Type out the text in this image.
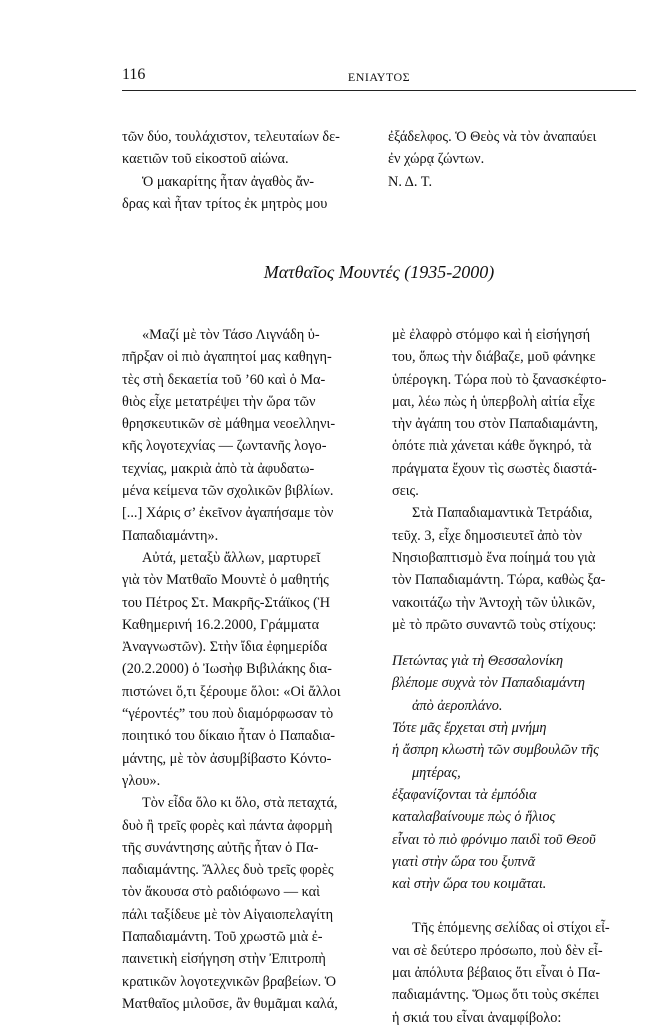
116	ΕΝΙΑΥΤΟΣ

τῶν δύο, τουλάχιστον, τελευταίων δε-

καετιῶν τοῦ εἰκοστοῦ αἰώνα.

Ὁ μακαρίτης ἦταν ἀγαθὸς ἄν-

δρας καὶ ἦταν τρίτος ἐκ μητρὸς μου

ἐξάδελφος. Ὁ Θεὸς νὰ τὸν ἀναπαύει

ἐν χώρᾳ ζώντων.

Ν. Δ. Τ.

Ματθαῖος Μουντές (1935-2000)

«Μαζί μὲ τὸν Τάσο Λιγνάδη ὑ-

πῆρξαν οἱ πιὸ ἀγαπητοί μας καθηγη-

τὲς στὴ δεκαετία τοῦ ’60 καὶ ὁ Μα-

θιὸς εἶχε μετατρέψει τὴν ὥρα τῶν

θρησκευτικῶν σὲ μάθημα νεοελληνι-

κῆς λογοτεχνίας — ζωντανῆς λογο-

τεχνίας, μακριὰ ἀπὸ τὰ ἀφυδατω-

μένα κείμενα τῶν σχολικῶν βιβλίων.

[...] Χάρις σ’ ἐκεῖνον ἀγαπήσαμε τὸν

Παπαδιαμάντη».

Αὐτά, μεταξὺ ἄλλων, μαρτυρεῖ

γιὰ τὸν Ματθαῖο Μουντὲ ὁ μαθητής

του Πέτρος Στ. Μακρῆς-Στάϊκος (Ἡ

Καθημερινή 16.2.2000, Γράμματα

Ἀναγνωστῶν). Στὴν ἴδια ἐφημερίδα

(20.2.2000) ὁ Ἰωσὴφ Βιβιλάκης δια-

πιστώνει ὅ,τι ξέρουμε ὅλοι: «Οἱ ἄλλοι

“γέροντές” του ποὺ διαμόρφωσαν τὸ

ποιητικό του δίκαιο ἦταν ὁ Παπαδια-

μάντης, μὲ τὸν ἀσυμβίβαστο Κόντο-

γλου».

Τὸν εἶδα ὅλο κι ὅλο, στὰ πεταχτά,

δυὸ ἢ τρεῖς φορὲς καὶ πάντα ἀφορμὴ

τῆς συνάντησης αὐτῆς ἦταν ὁ Πα-

παδιαμάντης. Ἄλλες δυὸ τρεῖς φορὲς

τὸν ἄκουσα στὸ ραδιόφωνο — καὶ

πάλι ταξίδευε μὲ τὸν Αἰγαιοπελαγίτη

Παπαδιαμάντη. Τοῦ χρωστῶ μιὰ ἐ-

παινετικὴ εἰσήγηση στὴν Ἐπιτροπὴ

κρατικῶν λογοτεχνικῶν βραβείων. Ὁ

Ματθαῖος μιλοῦσε, ἂν θυμᾶμαι καλά,

μὲ ἐλαφρὸ στόμφο καὶ ἡ εἰσήγησή

του, ὅπως τὴν διάβαζε, μοῦ φάνηκε

ὑπέρογκη. Τώρα ποὺ τὸ ξανασκέφτο-

μαι, λέω πὼς ἡ ὑπερβολὴ αἰτία εἶχε

τὴν ἀγάπη του στὸν Παπαδιαμάντη,

ὁπότε πιὰ χάνεται κάθε ὄγκηρό, τὰ

πράγματα ἔχουν τὶς σωστὲς διαστά-

σεις.

Στὰ Παπαδιαμαντικὰ Τετράδια,

τεῦχ. 3, εἶχε δημοσιευτεῖ ἀπὸ τὸν

Νησιοβαπτισμὸ ἕνα ποίημά του γιὰ

τὸν Παπαδιαμάντη. Τώρα, καθὼς ξα-

νακοιτάζω τὴν Ἀντοχὴ τῶν ὑλικῶν,

μὲ τὸ πρῶτο συναντῶ τοὺς στίχους:

Πετώντας γιὰ τὴ Θεσσαλονίκη
βλέπομε συχνὰ τὸν Παπαδιαμάντη
ἀπὸ ἀεροπλάνο.
Τότε μᾶς ἔρχεται στὴ μνήμη
ἡ ἄσπρη κλωστὴ τῶν συμβουλῶν τῆς
μητέρας,
ἐξαφανίζονται τὰ ἐμπόδια
καταλαβαίνουμε πὼς ὁ ἥλιος
εἶναι τὸ πιὸ φρόνιμο παιδὶ τοῦ Θεοῦ
γιατὶ στὴν ὥρα του ξυπνᾶ
καὶ στὴν ὥρα του κοιμᾶται.

Τῆς ἑπόμενης σελίδας οἱ στίχοι εἶ-

ναι σὲ δεύτερο πρόσωπο, ποὺ δὲν εἶ-

μαι ἀπόλυτα βέβαιος ὅτι εἶναι ὁ Πα-

παδιαμάντης. Ὅμως ὅτι τοὺς σκέπει

ἡ σκιά του εἶναι ἀναμφίβολο:
